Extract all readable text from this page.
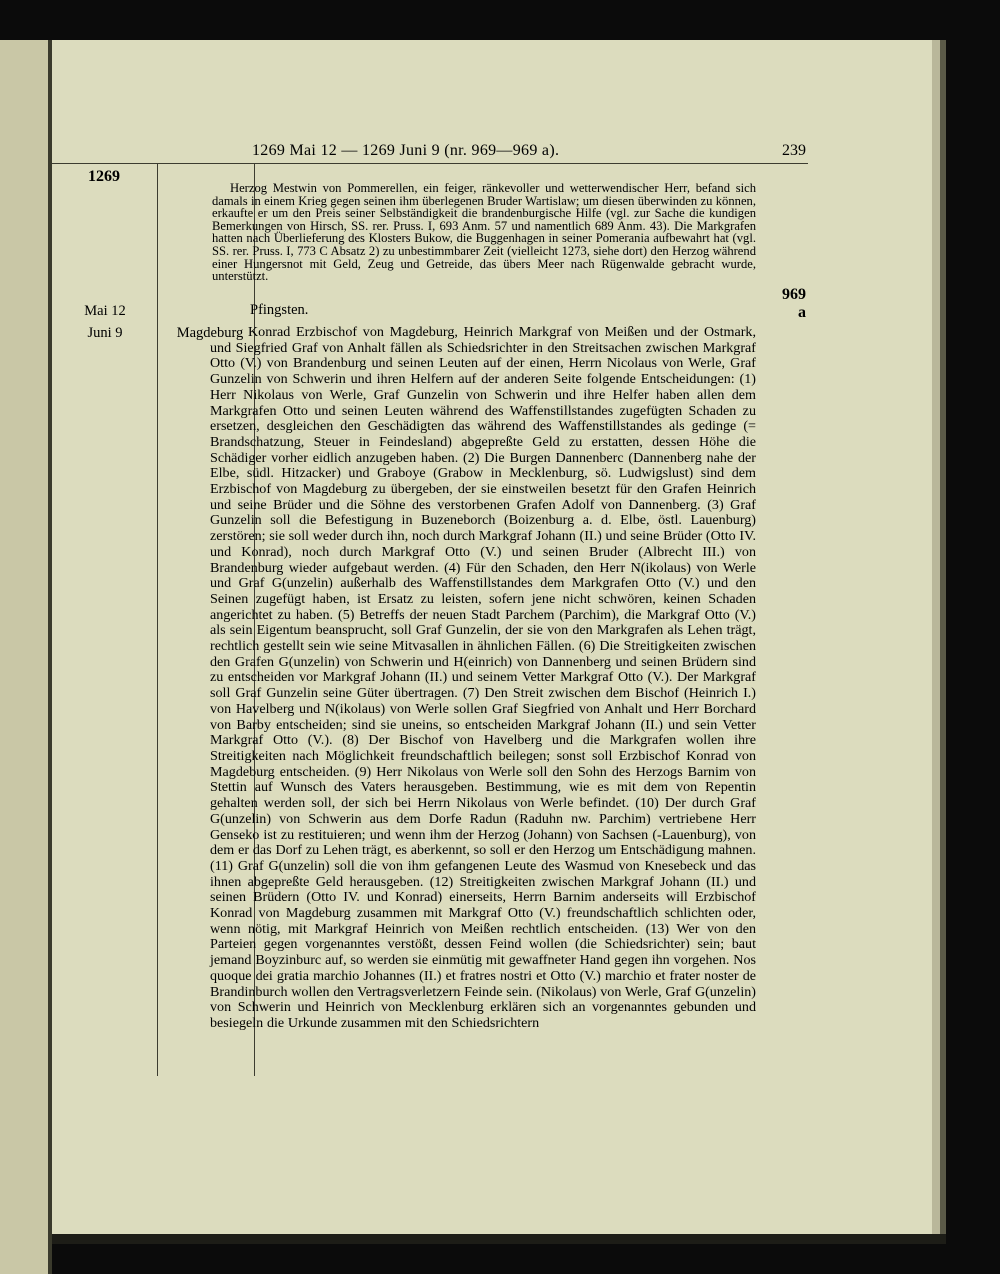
1269 Mai 12 — 1269 Juni 9 (nr. 969—969 a).	239
1269
Herzog Mestwin von Pommerellen, ein feiger, ränkevoller und wetterwendischer Herr, befand sich damals in einem Krieg gegen seinen ihm überlegenen Bruder Wartislaw; um diesen überwinden zu können, erkaufte er um den Preis seiner Selbständigkeit die brandenburgische Hilfe (vgl. zur Sache die kundigen Bemerkungen von Hirsch, SS. rer. Pruss. I, 693 Anm. 57 und namentlich 689 Anm. 43). Die Markgrafen hatten nach Überlieferung des Klosters Bukow, die Buggenhagen in seiner Pomerania aufbewahrt hat (vgl. SS. rer. Pruss. I, 773 C Absatz 2) zu unbestimmbarer Zeit (vielleicht 1273, siehe dort) den Herzog während einer Hungersnot mit Geld, Zeug und Getreide, das übers Meer nach Rügenwalde gebracht wurde, unterstützt.
Mai 12	Pfingsten.
969
a
Juni 9	Magdeburg Konrad Erzbischof von Magdeburg, Heinrich Markgraf von Meißen und der Ostmark, und Siegfried Graf von Anhalt fällen als Schiedsrichter in den Streitsachen zwischen Markgraf Otto (V.) von Brandenburg und seinen Leuten auf der einen, Herrn Nicolaus von Werle, Graf Gunzelin von Schwerin und ihren Helfern auf der anderen Seite folgende Entscheidungen: (1) Herr Nikolaus von Werle, Graf Gunzelin von Schwerin und ihre Helfer haben allen dem Markgrafen Otto und seinen Leuten während des Waffenstillstandes zugefügten Schaden zu ersetzen, desgleichen den Geschädigten das während des Waffenstillstandes als gedinge (= Brandschatzung, Steuer in Feindesland) abgepreßte Geld zu erstatten, dessen Höhe die Schädiger vorher eidlich anzugeben haben. (2) Die Burgen Dannenberc (Dannenberg nahe der Elbe, südl. Hitzacker) und Graboye (Grabow in Mecklenburg, sö. Ludwigslust) sind dem Erzbischof von Magdeburg zu übergeben, der sie einstweilen besetzt für den Grafen Heinrich und seine Brüder und die Söhne des verstorbenen Grafen Adolf von Dannenberg. (3) Graf Gunzelin soll die Befestigung in Buzeneborch (Boizenburg a. d. Elbe, östl. Lauenburg) zerstören; sie soll weder durch ihn, noch durch Markgraf Johann (II.) und seine Brüder (Otto IV. und Konrad), noch durch Markgraf Otto (V.) und seinen Bruder (Albrecht III.) von Brandenburg wieder aufgebaut werden. (4) Für den Schaden, den Herr N(ikolaus) von Werle und Graf G(unzelin) außerhalb des Waffenstillstandes dem Markgrafen Otto (V.) und den Seinen zugefügt haben, ist Ersatz zu leisten, sofern jene nicht schwören, keinen Schaden angerichtet zu haben. (5) Betreffs der neuen Stadt Parchem (Parchim), die Markgraf Otto (V.) als sein Eigentum beansprucht, soll Graf Gunzelin, der sie von den Markgrafen als Lehen trägt, rechtlich gestellt sein wie seine Mitvasallen in ähnlichen Fällen. (6) Die Streitigkeiten zwischen den Grafen G(unzelin) von Schwerin und H(einrich) von Dannenberg und seinen Brüdern sind zu entscheiden vor Markgraf Johann (II.) und seinem Vetter Markgraf Otto (V.). Der Markgraf soll Graf Gunzelin seine Güter übertragen. (7) Den Streit zwischen dem Bischof (Heinrich I.) von Havelberg und N(ikolaus) von Werle sollen Graf Siegfried von Anhalt und Herr Borchard von Barby entscheiden; sind sie uneins, so entscheiden Markgraf Johann (II.) und sein Vetter Markgraf Otto (V.). (8) Der Bischof von Havelberg und die Markgrafen wollen ihre Streitigkeiten nach Möglichkeit freundschaftlich beilegen; sonst soll Erzbischof Konrad von Magdeburg entscheiden. (9) Herr Nikolaus von Werle soll den Sohn des Herzogs Barnim von Stettin auf Wunsch des Vaters herausgeben. Bestimmung, wie es mit dem von Repentin gehalten werden soll, der sich bei Herrn Nikolaus von Werle befindet. (10) Der durch Graf G(unzelin) von Schwerin aus dem Dorfe Radun (Raduhn nw. Parchim) vertriebene Herr Genseko ist zu restituieren; und wenn ihm der Herzog (Johann) von Sachsen (-Lauenburg), von dem er das Dorf zu Lehen trägt, es aberkennt, so soll er den Herzog um Entschädigung mahnen. (11) Graf G(unzelin) soll die von ihm gefangenen Leute des Wasmud von Knesebeck und das ihnen abgepreßte Geld herausgeben. (12) Streitigkeiten zwischen Markgraf Johann (II.) und seinen Brüdern (Otto IV. und Konrad) einerseits, Herrn Barnim anderseits will Erzbischof Konrad von Magdeburg zusammen mit Markgraf Otto (V.) freundschaftlich schlichten oder, wenn nötig, mit Markgraf Heinrich von Meißen rechtlich entscheiden. (13) Wer von den Parteien gegen vorgenanntes verstößt, dessen Feind wollen (die Schiedsrichter) sein; baut jemand Boyzinburc auf, so werden sie einmütig mit gewaffneter Hand gegen ihn vorgehen. Nos quoque dei gratia marchio Johannes (II.) et fratres nostri et Otto (V.) marchio et frater noster de Brandinburch wollen den Vertragsverletzern Feinde sein. (Nikolaus) von Werle, Graf G(unzelin) von Schwerin und Heinrich von Mecklenburg erklären sich an vorgenanntes gebunden und besiegeln die Urkunde zusammen mit den Schiedsrichtern
